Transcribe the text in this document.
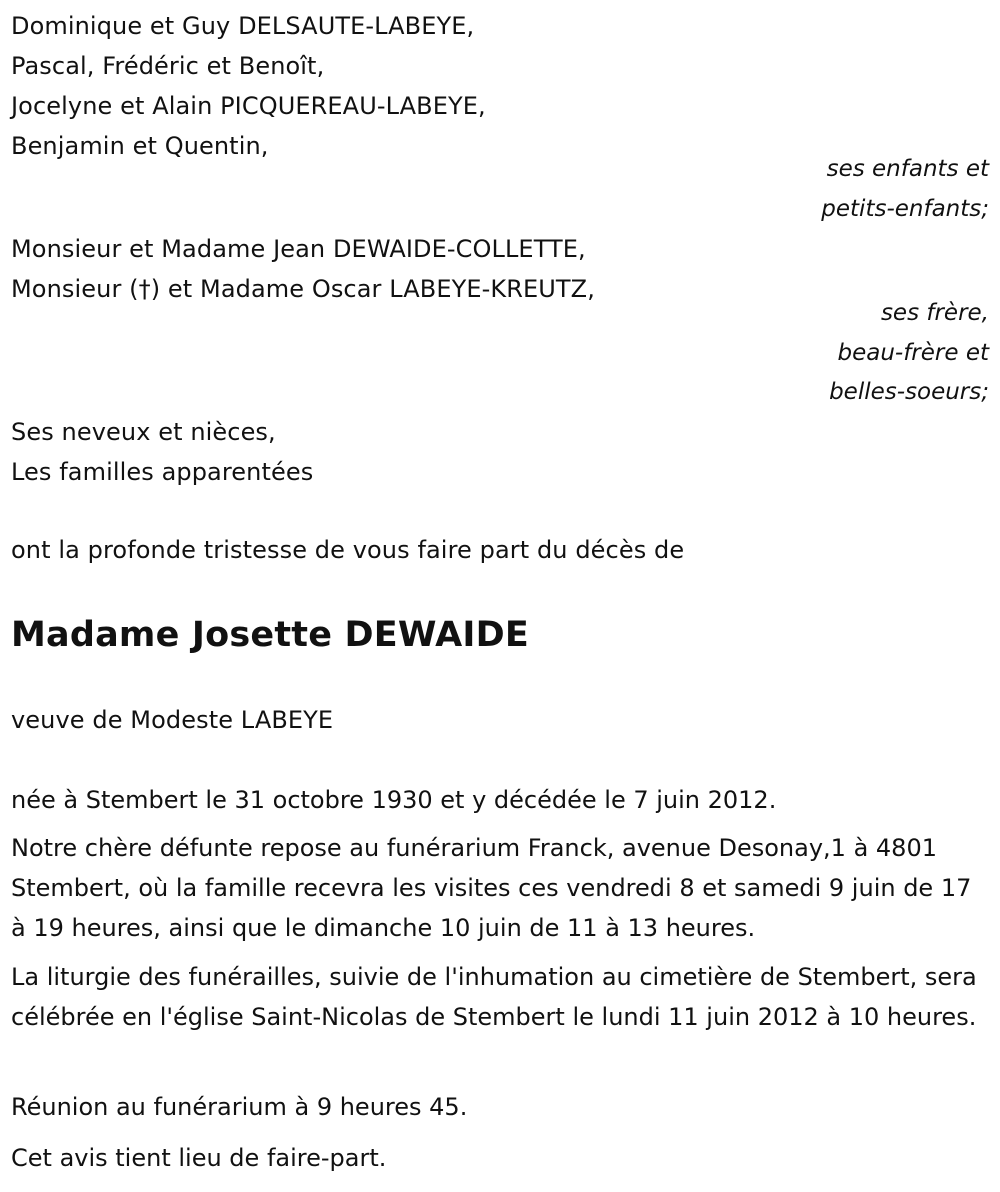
Dominique et Guy DELSAUTE-LABEYE,
Pascal, Frédéric et Benoît,
Jocelyne et Alain PICQUEREAU-LABEYE,
Benjamin et Quentin,
ses enfants et
petits-enfants;
Monsieur et Madame Jean DEWAIDE-COLLETTE,
Monsieur (†) et Madame Oscar LABEYE-KREUTZ,
ses frère,
beau-frère et
belles-soeurs;
Ses neveux et nièces,
Les familles apparentées
ont la profonde tristesse de vous faire part du décès de
Madame Josette DEWAIDE
veuve de Modeste LABEYE
née à Stembert le 31 octobre 1930 et y décédée le 7 juin 2012.
Notre chère défunte repose au funérarium Franck, avenue Desonay,1 à 4801 Stembert, où la famille recevra les visites ces vendredi 8 et samedi 9 juin de 17 à 19 heures, ainsi que le dimanche 10 juin de 11 à 13 heures.
La liturgie des funérailles, suivie de l'inhumation au cimetière de Stembert, sera célébrée en l'église Saint-Nicolas de Stembert le lundi 11 juin 2012 à 10 heures.
Réunion au funérarium à 9 heures 45.
Cet avis tient lieu de faire-part.
